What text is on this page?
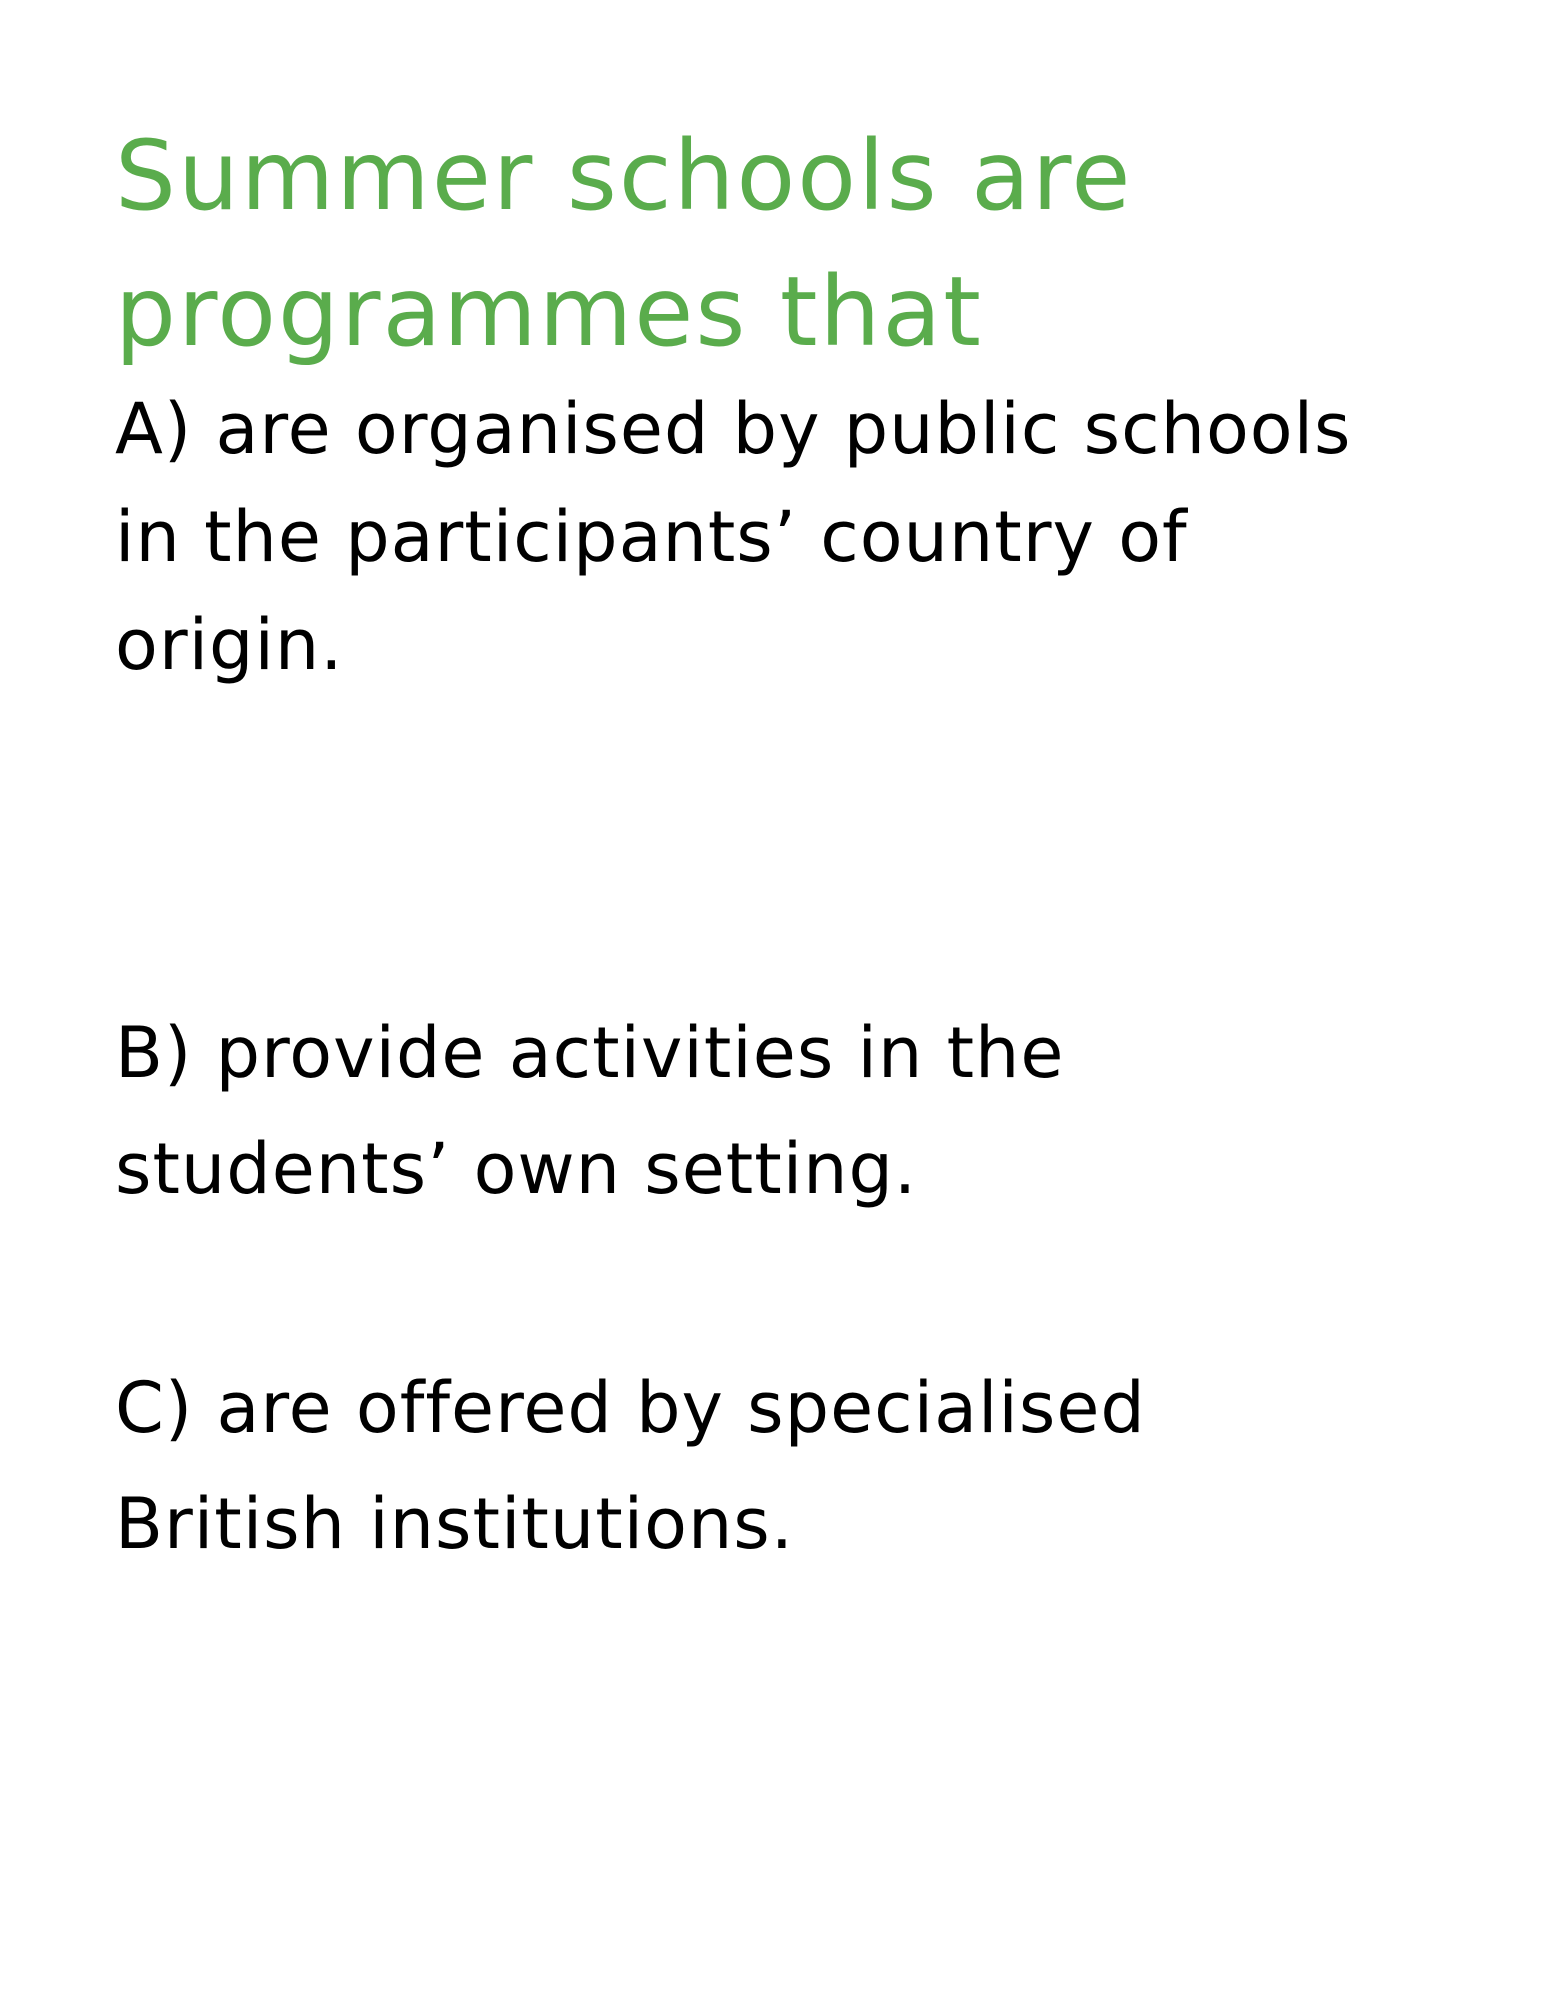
Summer schools are
programmes that

A) are organised by public schools
in the participants’ country of
origin.

B) provide activities in the
students’ own setting.

C) are offered by specialised
British institutions.
